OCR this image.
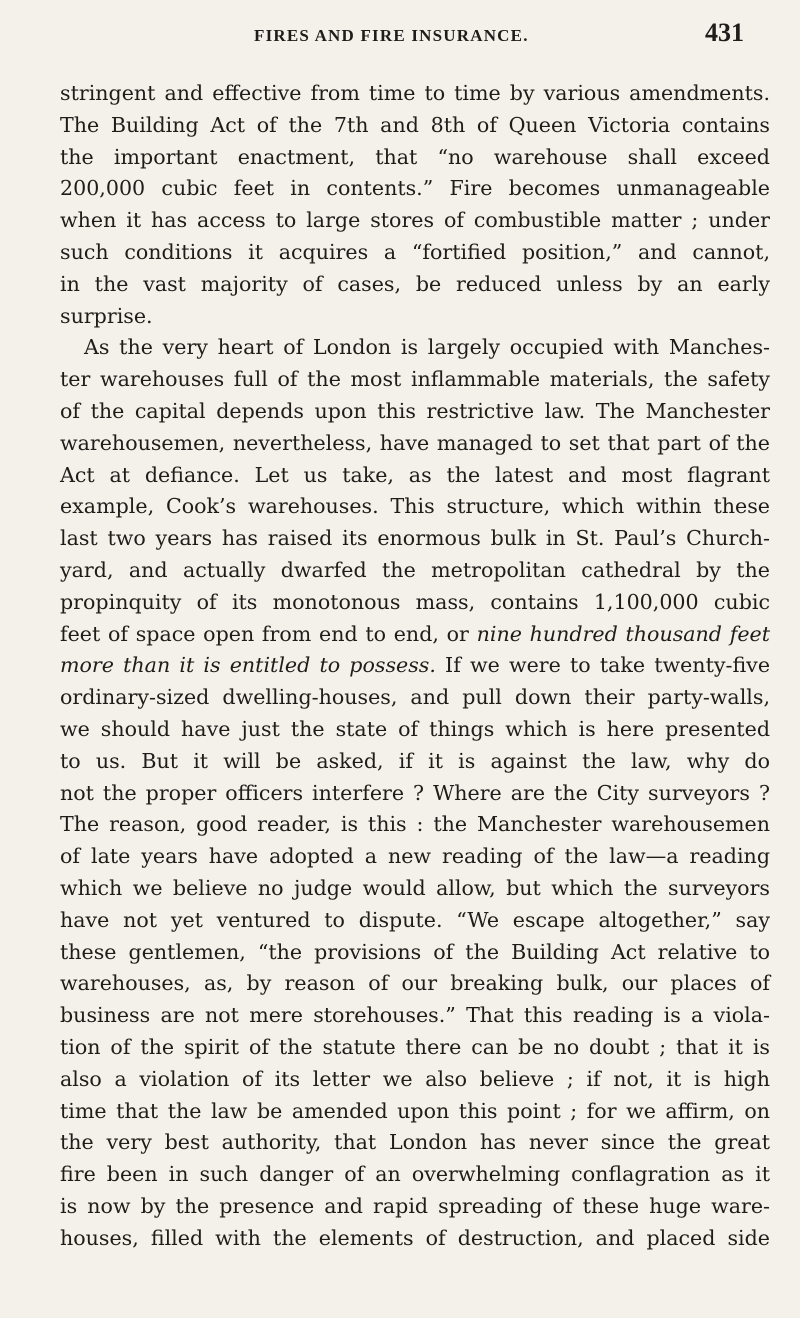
FIRES AND FIRE INSURANCE.	431
stringent and effective from time to time by various amendments.
The Building Act of the 7th and 8th of Queen Victoria contains
the important enactment, that “no warehouse shall exceed
200,000 cubic feet in contents.” Fire becomes unmanageable
when it has access to large stores of combustible matter ; under
such conditions it acquires a “fortified position,” and cannot,
in the vast majority of cases, be reduced unless by an early
surprise.
As the very heart of London is largely occupied with Manches-
ter warehouses full of the most inflammable materials, the safety
of the capital depends upon this restrictive law. The Manchester
warehousemen, nevertheless, have managed to set that part of the
Act at defiance. Let us take, as the latest and most flagrant
example, Cook’s warehouses. This structure, which within these
last two years has raised its enormous bulk in St. Paul’s Church-
yard, and actually dwarfed the metropolitan cathedral by the
propinquity of its monotonous mass, contains 1,100,000 cubic
feet of space open from end to end, or nine hundred thousand feet
more than it is entitled to possess. If we were to take twenty-five
ordinary-sized dwelling-houses, and pull down their party-walls,
we should have just the state of things which is here presented
to us. But it will be asked, if it is against the law, why do
not the proper officers interfere ? Where are the City surveyors ?
The reason, good reader, is this : the Manchester warehousemen
of late years have adopted a new reading of the law—a reading
which we believe no judge would allow, but which the surveyors
have not yet ventured to dispute. “We escape altogether,” say
these gentlemen, “the provisions of the Building Act relative to
warehouses, as, by reason of our breaking bulk, our places of
business are not mere storehouses.” That this reading is a viola-
tion of the spirit of the statute there can be no doubt ; that it is
also a violation of its letter we also believe ; if not, it is high
time that the law be amended upon this point ; for we affirm, on
the very best authority, that London has never since the great
fire been in such danger of an overwhelming conflagration as it
is now by the presence and rapid spreading of these huge ware-
houses, filled with the elements of destruction, and placed side
